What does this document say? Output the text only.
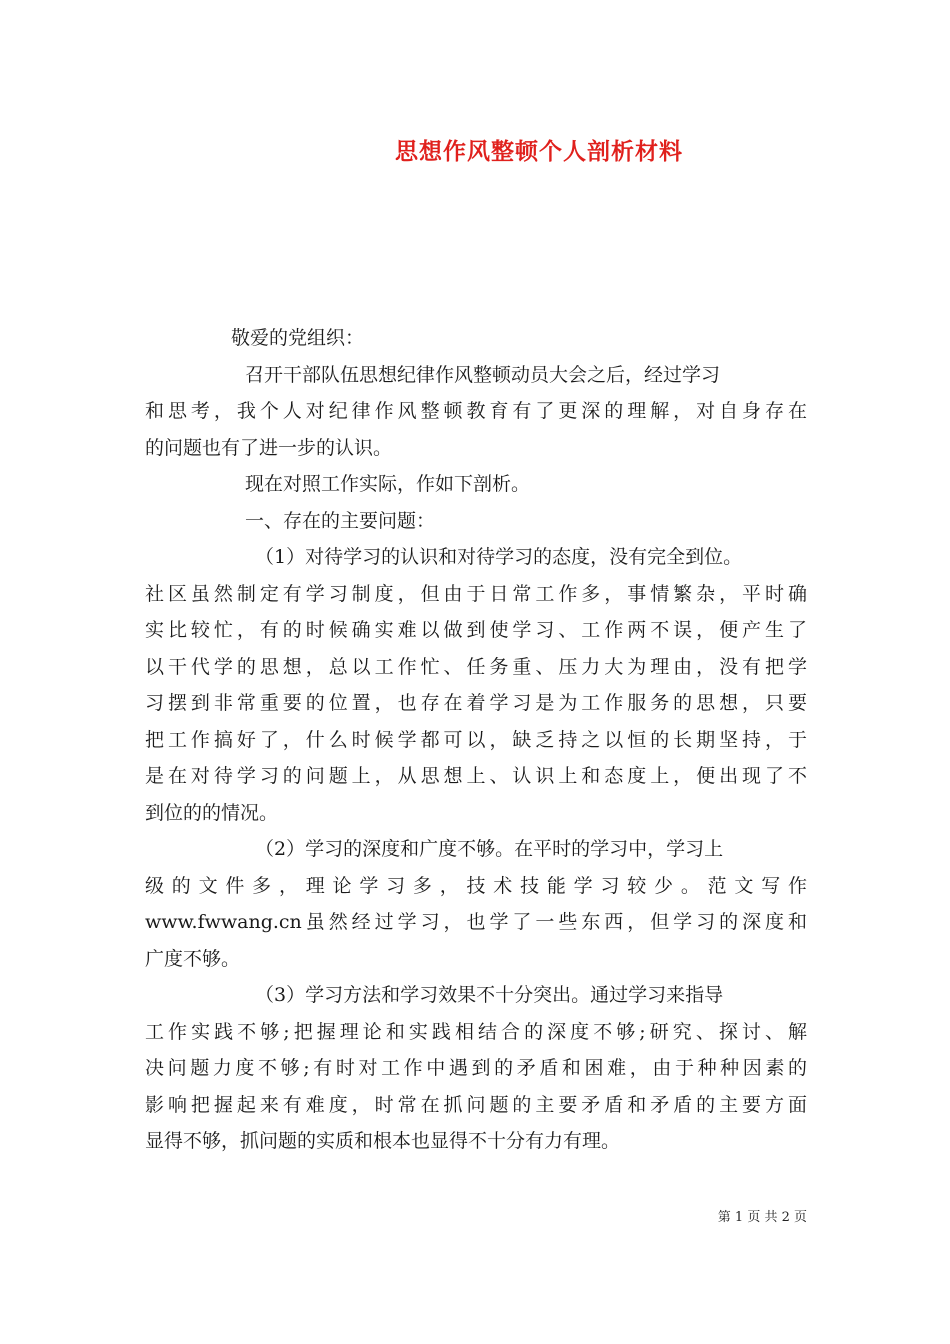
思想作风整顿个人剖析材料
敬爱的党组织：
召开干部队伍思想纪律作风整顿动员大会之后，经过学习
和思考，我个人对纪律作风整顿教育有了更深的理解，对自身存在
的问题也有了进一步的认识。
现在对照工作实际，作如下剖析。
一、存在的主要问题：
（1）对待学习的认识和对待学习的态度，没有完全到位。
社区虽然制定有学习制度，但由于日常工作多，事情繁杂，平时确
实比较忙，有的时候确实难以做到使学习、工作两不误，便产生了
以干代学的思想，总以工作忙、任务重、压力大为理由，没有把学
习摆到非常重要的位置，也存在着学习是为工作服务的思想，只要
把工作搞好了，什么时候学都可以，缺乏持之以恒的长期坚持，于
是在对待学习的问题上，从思想上、认识上和态度上，便出现了不
到位的的情况。
（2）学习的深度和广度不够。在平时的学习中，学习上
级的文件多，理论学习多，技术技能学习较少。范文写作
www.fwwang.cn虽然经过学习，也学了一些东西，但学习的深度和
广度不够。
（3）学习方法和学习效果不十分突出。通过学习来指导
工作实践不够;把握理论和实践相结合的深度不够;研究、探讨、解
决问题力度不够;有时对工作中遇到的矛盾和困难，由于种种因素的
影响把握起来有难度，时常在抓问题的主要矛盾和矛盾的主要方面
显得不够，抓问题的实质和根本也显得不十分有力有理。
第 1 页 共 2 页
